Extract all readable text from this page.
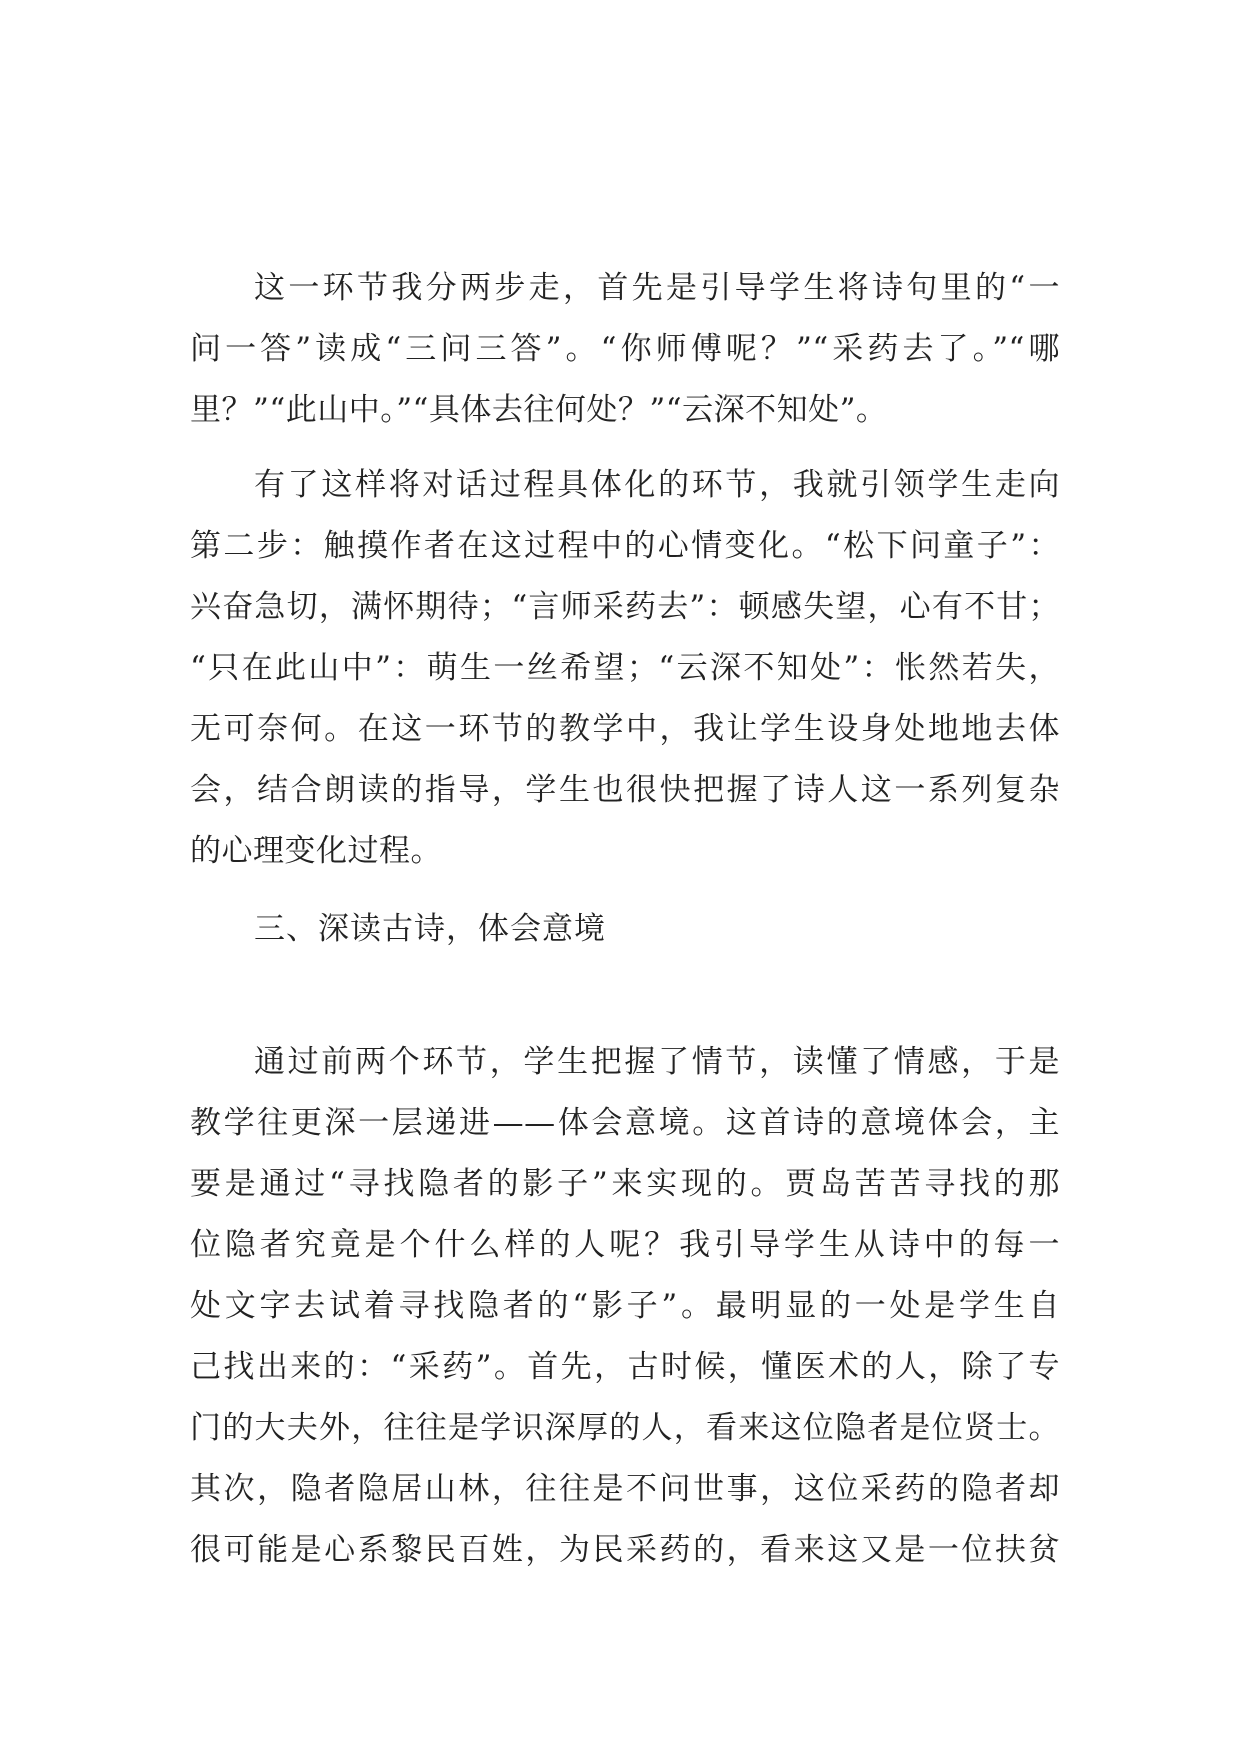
这一环节我分两步走，首先是引导学生将诗句里的“一
问一答”读成“三问三答”。“你师傅呢？”“采药去了。”“哪
里？”“此山中。”“具体去往何处？”“云深不知处”。
有了这样将对话过程具体化的环节，我就引领学生走向
第二步：触摸作者在这过程中的心情变化。“松下问童子”：
兴奋急切，满怀期待；“言师采药去”：顿感失望，心有不甘；
“只在此山中”：萌生一丝希望；“云深不知处”：怅然若失，
无可奈何。在这一环节的教学中，我让学生设身处地地去体
会，结合朗读的指导，学生也很快把握了诗人这一系列复杂
的心理变化过程。
三、深读古诗，体会意境
通过前两个环节，学生把握了情节，读懂了情感，于是
教学往更深一层递进——体会意境。这首诗的意境体会，主
要是通过“寻找隐者的影子”来实现的。贾岛苦苦寻找的那
位隐者究竟是个什么样的人呢？我引导学生从诗中的每一
处文字去试着寻找隐者的“影子”。最明显的一处是学生自
己找出来的：“采药”。首先，古时候，懂医术的人，除了专
门的大夫外，往往是学识深厚的人，看来这位隐者是位贤士。
其次，隐者隐居山林，往往是不问世事，这位采药的隐者却
很可能是心系黎民百姓，为民采药的，看来这又是一位扶贫
